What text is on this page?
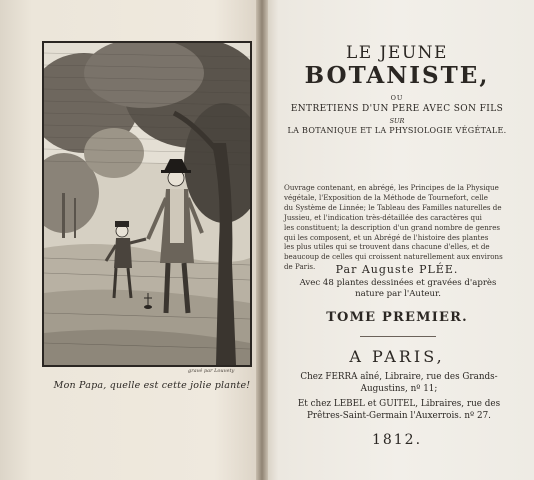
gravé par Louvety
Mon Papa, quelle est cette jolie plante!
LE JEUNE
BOTANISTE,
OU
ENTRETIENS D'UN PERE AVEC SON FILS
SUR
LA BOTANIQUE ET LA PHYSIOLOGIE VÉGÉTALE.
Ouvrage contenant, en abrégé, les Principes de la Physique
végétale, l'Exposition de la Méthode de Tournefort, celle
du Système de Linnée; le Tableau des Familles naturelles de
Jussieu, et l'indication très-détaillée des caractères qui
les constituent; la description d'un grand nombre de genres
qui les composent, et un Abrégé de l'histoire des plantes
les plus utiles qui se trouvent dans chacune d'elles, et de
beaucoup de celles qui croissent naturellement aux environs
de Paris.	Par Auguste PLÉE.
Avec 48 plantes dessinées et gravées d'après
nature par l'Auteur.
TOME PREMIER.
A PARIS,
Chez FERRA aîné, Libraire, rue des Grands-
Augustins, nº 11;
Et chez LEBEL et GUITEL, Libraires, rue des
Prêtres-Saint-Germain l'Auxerrois. nº 27.
1812.
